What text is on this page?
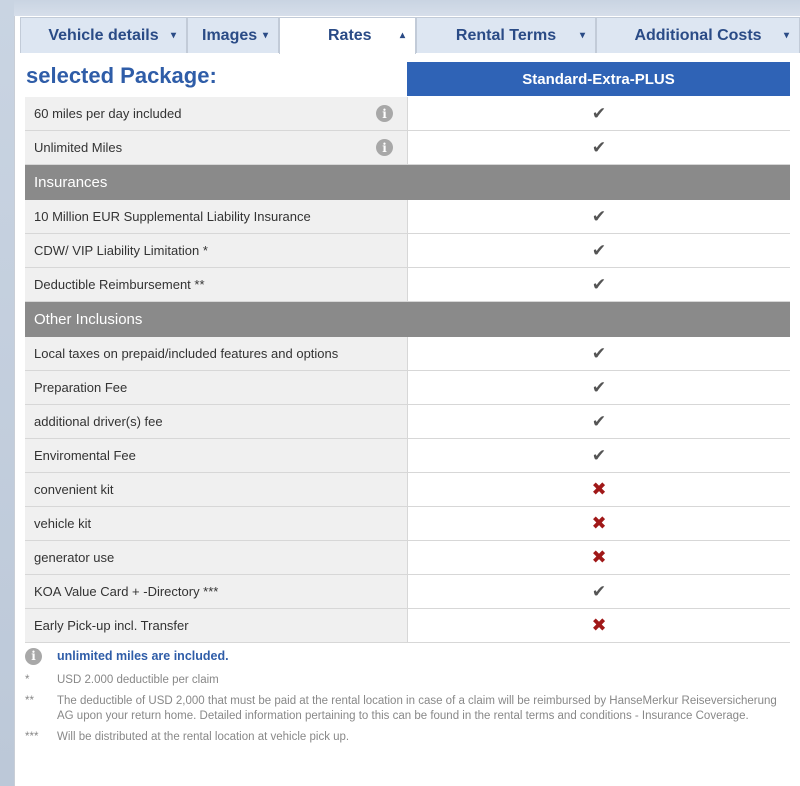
Vehicle details ▾ Images ▾	Rates	▴	Rental Terms ▾	Additional Costs ▾
selected Package:	Standard-Extra-PLUS
60 miles per day included	i	✔
Unlimited Miles	i	✔
Insurances
10 Million EUR Supplemental Liability Insurance	✔
CDW/ VIP Liability Limitation *	✔
Deductible Reimbursement **	✔
Other Inclusions
Local taxes on prepaid/included features and options	✔
Preparation Fee	✔
additional driver(s) fee	✔
Enviromental Fee	✔
convenient kit	✖
vehicle kit	✖
generator use	✖
KOA Value Card + -Directory ***	✔
Early Pick-up incl. Transfer	✖
i	unlimited miles are included.
*	USD 2.000 deductible per claim
**	The deductible of USD 2,000 that must be paid at the rental location in case of a claim will be reimbursed by HanseMerkur Reiseversicherung AG upon your return home. Detailed information pertaining to this can be found in the rental terms and conditions - Insurance Coverage.
***	Will be distributed at the rental location at vehicle pick up.
